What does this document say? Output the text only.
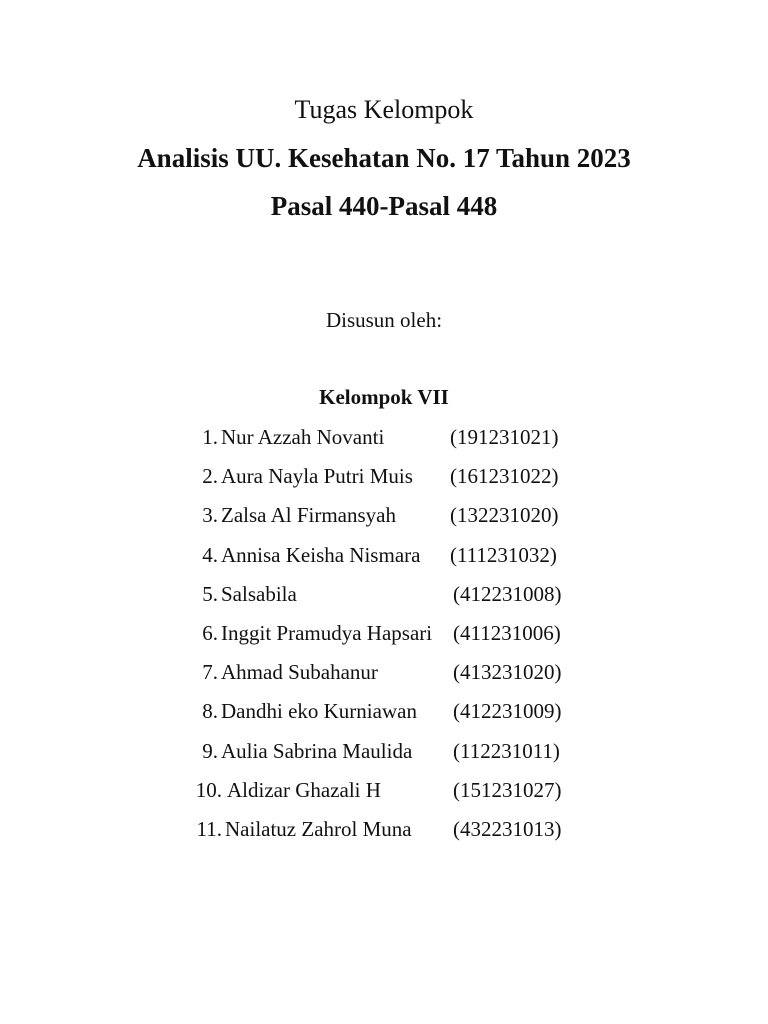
Tugas Kelompok
Analisis UU. Kesehatan No. 17 Tahun 2023
Pasal 440-Pasal 448
Disusun oleh:
Kelompok VII
1. Nur Azzah Novanti	(191231021)
2. Aura Nayla Putri Muis (161231022)
3. Zalsa Al Firmansyah	(132231020)
4. Annisa Keisha Nismara (111231032)
5. Salsabila	(412231008)
6. Inggit Pramudya Hapsari (411231006)
7. Ahmad Subahanur	(413231020)
8. Dandhi eko Kurniawan (412231009)
9. Aulia Sabrina Maulida (112231011)
10. Aldizar Ghazali H	(151231027)
11. Nailatuz Zahrol Muna (432231013)
